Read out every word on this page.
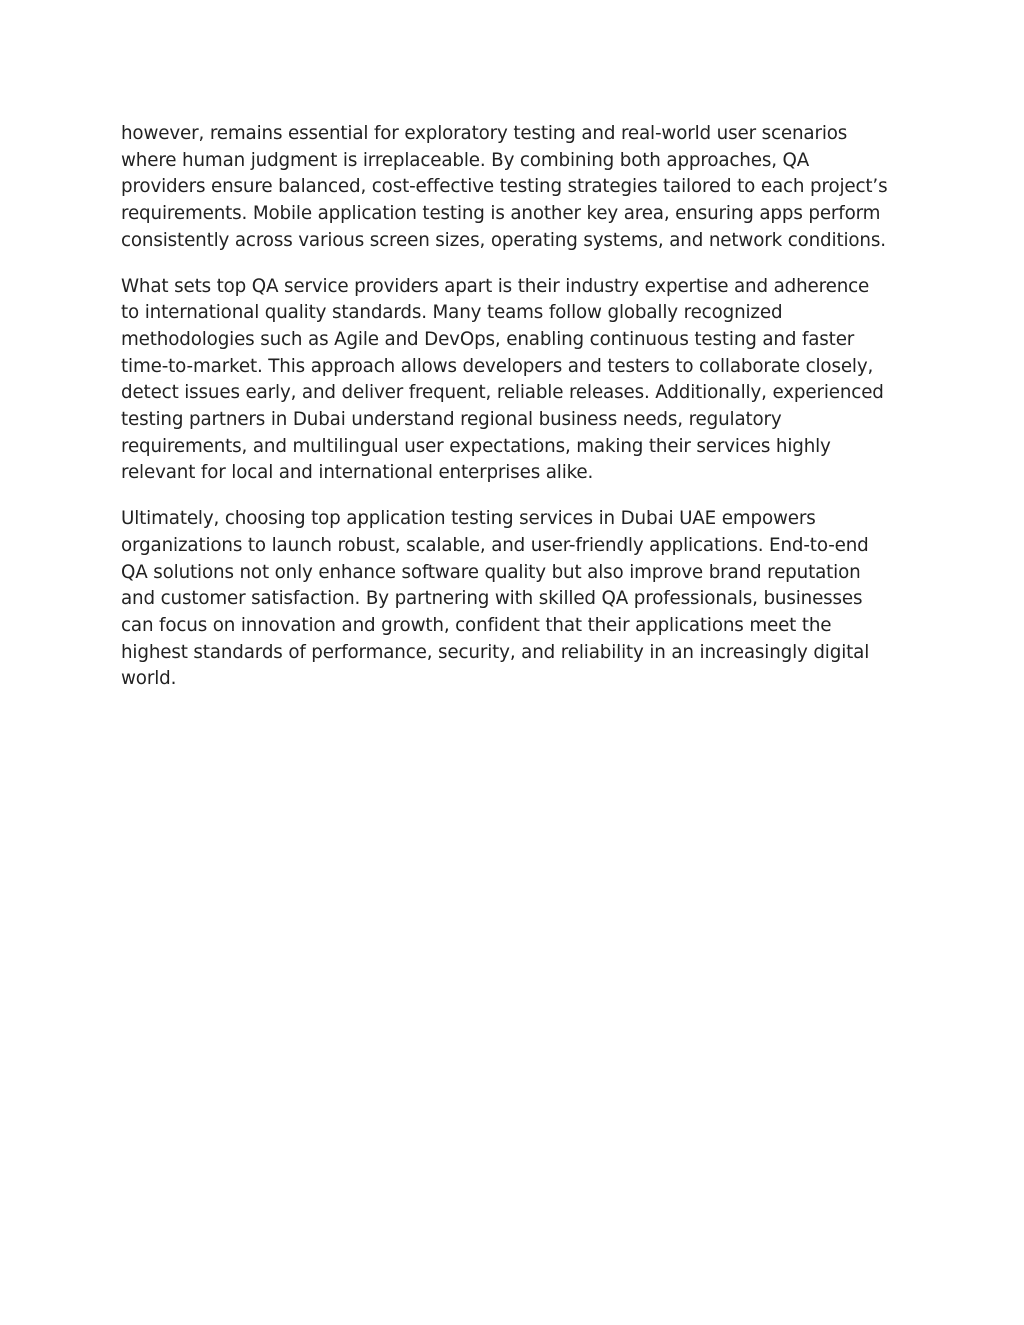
however, remains essential for exploratory testing and real-world user scenarios
where human judgment is irreplaceable. By combining both approaches, QA
providers ensure balanced, cost-effective testing strategies tailored to each project’s
requirements. Mobile application testing is another key area, ensuring apps perform
consistently across various screen sizes, operating systems, and network conditions.

What sets top QA service providers apart is their industry expertise and adherence
to international quality standards. Many teams follow globally recognized
methodologies such as Agile and DevOps, enabling continuous testing and faster
time-to-market. This approach allows developers and testers to collaborate closely,
detect issues early, and deliver frequent, reliable releases. Additionally, experienced
testing partners in Dubai understand regional business needs, regulatory
requirements, and multilingual user expectations, making their services highly
relevant for local and international enterprises alike.

Ultimately, choosing top application testing services in Dubai UAE empowers
organizations to launch robust, scalable, and user-friendly applications. End-to-end
QA solutions not only enhance software quality but also improve brand reputation
and customer satisfaction. By partnering with skilled QA professionals, businesses
can focus on innovation and growth, confident that their applications meet the
highest standards of performance, security, and reliability in an increasingly digital
world.
